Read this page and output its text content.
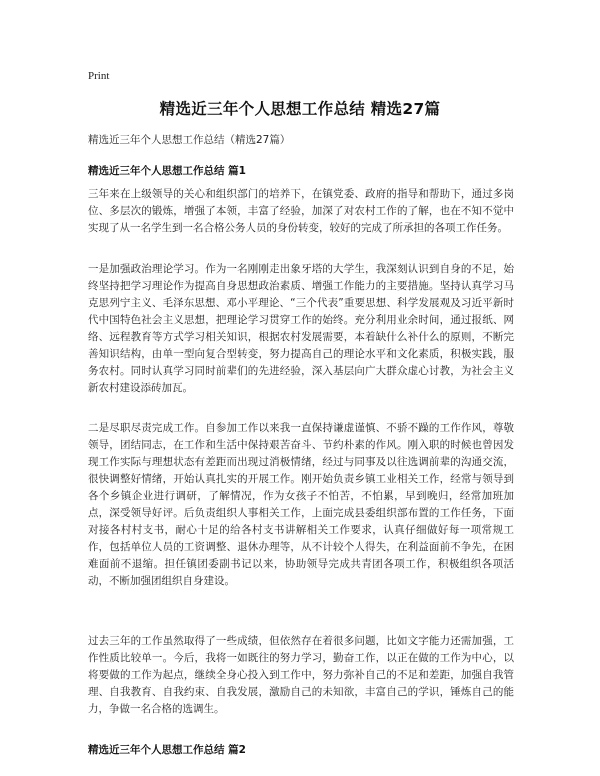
Print
精选近三年个人思想工作总结 精选27篇
精选近三年个人思想工作总结（精选27篇）
精选近三年个人思想工作总结 篇1

三年来在上级领导的关心和组织部门的培养下，在镇党委、政府的指导和帮助下，通过多岗位、多层次的锻炼，增强了本领，丰富了经验，加深了对农村工作的了解，也在不知不觉中实现了从一名学生到一名合格公务人员的身份转变，较好的完成了所承担的各项工作任务。

一是加强政治理论学习。作为一名刚刚走出象牙塔的大学生，我深刻认识到自身的不足，始终坚持把学习理论作为提高自身思想政治素质、增强工作能力的主要措施。坚持认真学习马克思列宁主义、毛泽东思想、邓小平理论、“三个代表”重要思想、科学发展观及习近平新时代中国特色社会主义思想，把理论学习贯穿工作的始终。充分利用业余时间，通过报纸、网络、远程教育等方式学习相关知识，根据农村发展需要，本着缺什么补什么的原则，不断完善知识结构，由单一型向复合型转变，努力提高自己的理论水平和文化素质，积极实践，服务农村。同时认真学习同时前辈们的先进经验，深入基层向广大群众虚心讨教，为社会主义新农村建设添砖加瓦。

二是尽职尽责完成工作。自参加工作以来我一直保持谦虚谨慎、不骄不躁的工作作风，尊敬领导，团结同志，在工作和生活中保持艰苦奋斗、节约朴素的作风。刚入职的时候也曾因发现工作实际与理想状态有差距而出现过消极情绪，经过与同事及以往选调前辈的沟通交流，很快调整好情绪，开始认真扎实的开展工作。刚开始负责乡镇工业相关工作，经常与领导到各个乡镇企业进行调研，了解情况，作为女孩子不怕苦，不怕累，早到晚归，经常加班加点，深受领导好评。后负责组织人事相关工作，上面完成县委组织部布置的工作任务，下面对接各村村支书，耐心十足的给各村支书讲解相关工作要求，认真仔细做好每一项常规工作，包括单位人员的工资调整、退休办理等，从不计较个人得失，在利益面前不争先，在困难面前不退缩。担任镇团委副书记以来，协助领导完成共青团各项工作，积极组织各项活动，不断加强团组织自身建设。

过去三年的工作虽然取得了一些成绩，但依然存在着很多问题，比如文字能力还需加强，工作性质比较单一。今后，我将一如既往的努力学习，勤奋工作，以正在做的工作为中心，以将要做的工作为起点，继续全身心投入到工作中，努力弥补自己的不足和差距，加强自我管理、自我教育、自我约束、自我发展，激励自己的未知欲，丰富自己的学识，锤炼自己的能力，争做一名合格的选调生。

精选近三年个人思想工作总结 篇2
